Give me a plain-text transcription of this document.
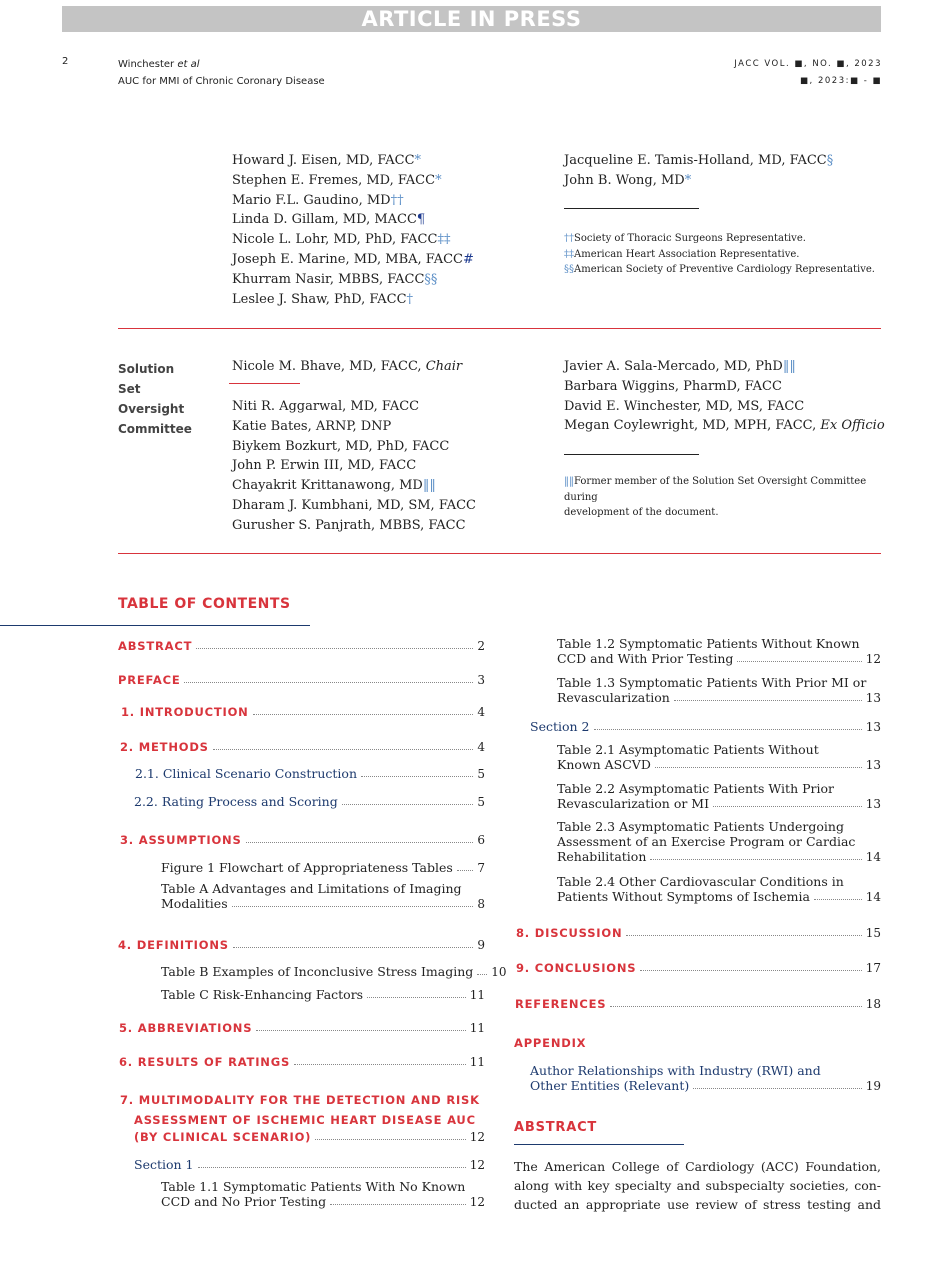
ARTICLE IN PRESS
2	Winchester et al
AUC for MMI of Chronic Coronary Disease
JACC VOL. ■, NO. ■, 2023
■, 2023:■ - ■
Howard J. Eisen, MD, FACC*
Stephen E. Fremes, MD, FACC*
Mario F.L. Gaudino, MD††
Linda D. Gillam, MD, MACC¶
Nicole L. Lohr, MD, PhD, FACC‡‡
Joseph E. Marine, MD, MBA, FACC#
Khurram Nasir, MBBS, FACC§§
Leslee J. Shaw, PhD, FACC†
Jacqueline E. Tamis-Holland, MD, FACC§
John B. Wong, MD*
††Society of Thoracic Surgeons Representative.
‡‡American Heart Association Representative.
§§American Society of Preventive Cardiology Representative.
Solution
Set
Oversight
Committee
Nicole M. Bhave, MD, FACC, Chair
Niti R. Aggarwal, MD, FACC
Katie Bates, ARNP, DNP
Biykem Bozkurt, MD, PhD, FACC
John P. Erwin III, MD, FACC
Chayakrit Krittanawong, MD‖‖
Dharam J. Kumbhani, MD, SM, FACC
Gurusher S. Panjrath, MBBS, FACC
Javier A. Sala-Mercado, MD, PhD‖‖
Barbara Wiggins, PharmD, FACC
David E. Winchester, MD, MS, FACC
Megan Coylewright, MD, MPH, FACC, Ex Officio
‖‖Former member of the Solution Set Oversight Committee during
development of the document.
TABLE OF CONTENTS
ABSTRACT	2
PREFACE	3
1. INTRODUCTION	4
2. METHODS	4
2.1. Clinical Scenario Construction	5
2.2. Rating Process and Scoring	5
3. ASSUMPTIONS	6
Figure 1 Flowchart of Appropriateness Tables 7
Table A Advantages and Limitations of Imaging
Modalities	8
4. DEFINITIONS	9
Table B Examples of Inconclusive Stress Imaging 10
Table C Risk-Enhancing Factors	11
5. ABBREVIATIONS	11
6. RESULTS OF RATINGS	11
7. MULTIMODALITY FOR THE DETECTION AND RISK
ASSESSMENT OF ISCHEMIC HEART DISEASE AUC
(BY CLINICAL SCENARIO)	12
Section 1	12
Table 1.1 Symptomatic Patients With No Known
CCD and No Prior Testing	12
Table 1.2 Symptomatic Patients Without Known
CCD and With Prior Testing	12
Table 1.3 Symptomatic Patients With Prior MI or
Revascularization	13
Section 2	13
Table 2.1 Asymptomatic Patients Without
Known ASCVD	13
Table 2.2 Asymptomatic Patients With Prior
Revascularization or MI	13
Table 2.3 Asymptomatic Patients Undergoing
Assessment of an Exercise Program or Cardiac
Rehabilitation	14
Table 2.4 Other Cardiovascular Conditions in
Patients Without Symptoms of Ischemia	14
8. DISCUSSION	15
9. CONCLUSIONS	17
REFERENCES	18
APPENDIX
Author Relationships with Industry (RWI) and
Other Entities (Relevant)	19
ABSTRACT
The American College of Cardiology (ACC) Foundation,
along with key specialty and subspecialty societies, con-
ducted an appropriate use review of stress testing and
